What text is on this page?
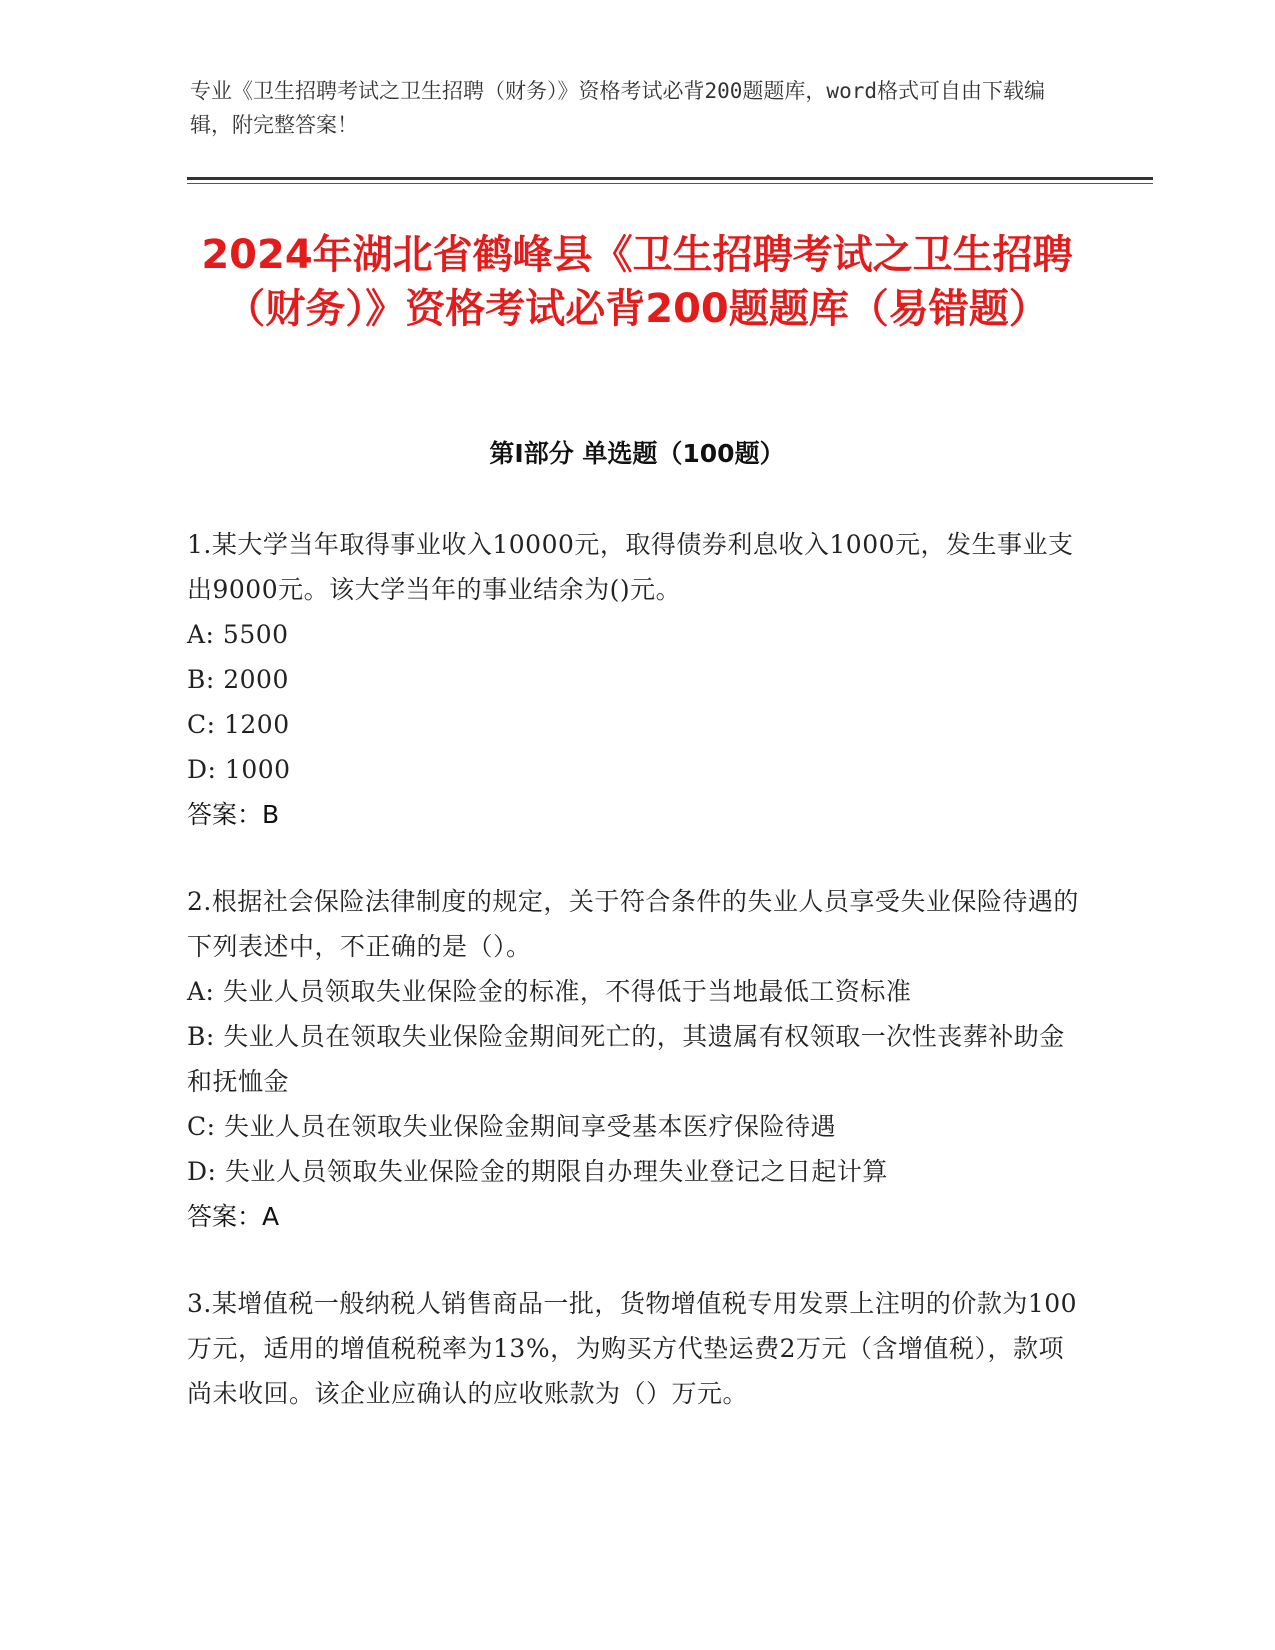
专业《卫生招聘考试之卫生招聘（财务）》资格考试必背200题题库，word格式可自由下载编辑，附完整答案！
2024年湖北省鹤峰县《卫生招聘考试之卫生招聘（财务）》资格考试必背200题题库（易错题）
第I部分 单选题（100题）
1.某大学当年取得事业收入10000元，取得债券利息收入1000元，发生事业支出9000元。该大学当年的事业结余为()元。
A: 5500
B: 2000
C: 1200
D: 1000
答案：B
2.根据社会保险法律制度的规定，关于符合条件的失业人员享受失业保险待遇的下列表述中，不正确的是（）。
A: 失业人员领取失业保险金的标准，不得低于当地最低工资标准
B: 失业人员在领取失业保险金期间死亡的，其遗属有权领取一次性丧葬补助金和抚恤金
C: 失业人员在领取失业保险金期间享受基本医疗保险待遇
D: 失业人员领取失业保险金的期限自办理失业登记之日起计算
答案：A
3.某增值税一般纳税人销售商品一批，货物增值税专用发票上注明的价款为100万元，适用的增值税税率为13%，为购买方代垫运费2万元（含增值税），款项尚未收回。该企业应确认的应收账款为（）万元。
